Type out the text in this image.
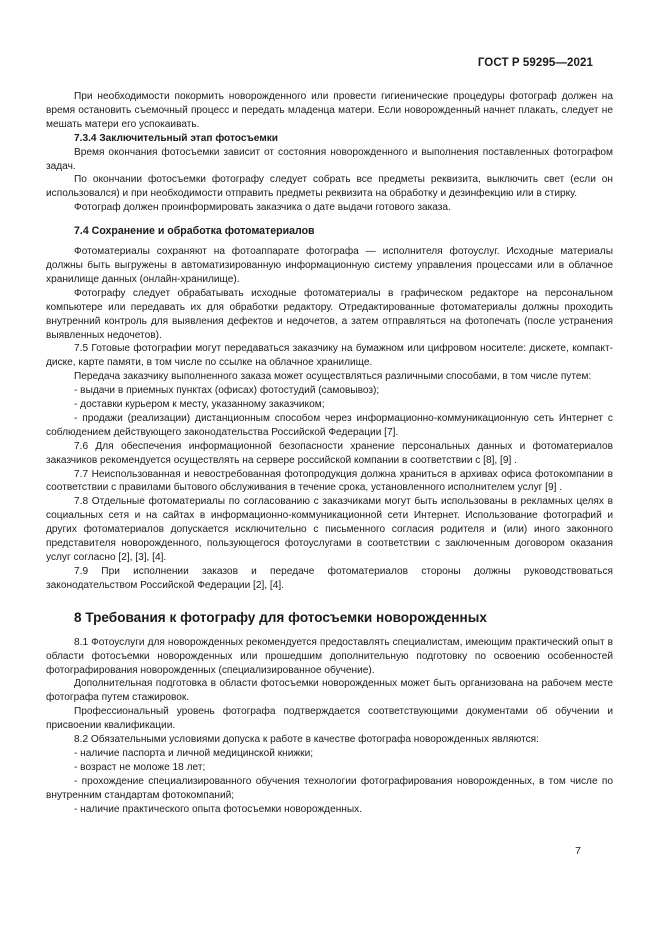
ГОСТ Р 59295—2021

При необходимости покормить новорожденного или провести гигиенические процедуры фотограф должен на время остановить съемочный процесс и передать младенца матери. Если новорожденный начнет плакать, следует не мешать матери его успокаивать.

7.3.4 Заключительный этап фотосъемки

Время окончания фотосъемки зависит от состояния новорожденного и выполнения поставленных фотографом задач.

По окончании фотосъемки фотографу следует собрать все предметы реквизита, выключить свет (если он использовался) и при необходимости отправить предметы реквизита на обработку и дезинфекцию или в стирку.

Фотограф должен проинформировать заказчика о дате выдачи готового заказа.

7.4 Сохранение и обработка фотоматериалов

Фотоматериалы сохраняют на фотоаппарате фотографа — исполнителя фотоуслуг. Исходные материалы должны быть выгружены в автоматизированную информационную систему управления процессами или в облачное хранилище данных (онлайн-хранилище).

Фотографу следует обрабатывать исходные фотоматериалы в графическом редакторе на персональном компьютере или передавать их для обработки редактору. Отредактированные фотоматериалы должны проходить внутренний контроль для выявления дефектов и недочетов, а затем отправляться на фотопечать (после устранения выявленных недочетов).

7.5 Готовые фотографии могут передаваться заказчику на бумажном или цифровом носителе: дискете, компакт-диске, карте памяти, в том числе по ссылке на облачное хранилище.

Передача заказчику выполненного заказа может осуществляться различными способами, в том числе путем:

- выдачи в приемных пунктах (офисах) фотостудий (самовывоз);

- доставки курьером к месту, указанному заказчиком;

- продажи (реализации) дистанционным способом через информационно-коммуникационную сеть Интернет с соблюдением действующего законодательства Российской Федерации [7].

7.6 Для обеспечения информационной безопасности хранение персональных данных и фотоматериалов заказчиков рекомендуется осуществлять на сервере российской компании в соответствии с [8], [9] .

7.7 Неиспользованная и невостребованная фотопродукция должна храниться в архивах офиса фотокомпании в соответствии с правилами бытового обслуживания в течение срока, установленного исполнителем услуг [9] .

7.8 Отдельные фотоматериалы по согласованию с заказчиками могут быть использованы в рекламных целях в социальных сетя и на сайтах в информационно-коммуникационной сети Интернет. Использование фотографий и других фотоматериалов допускается исключительно с письменного согласия родителя и (или) иного законного представителя новорожденного, пользующегося фотоуслугами в соответствии с заключенным договором оказания услуг согласно [2], [3], [4].

7.9 При исполнении заказов и передаче фотоматериалов стороны должны руководствоваться законодательством Российской Федерации [2], [4].

8 Требования к фотографу для фотосъемки новорожденных

8.1 Фотоуслуги для новорожденных рекомендуется предоставлять специалистам, имеющим практический опыт в области фотосъемки новорожденных или прошедшим дополнительную подготовку по освоению особенностей фотографирования новорожденных (специализированное обучение).

Дополнительная подготовка в области фотосъемки новорожденных может быть организована на рабочем месте фотографа путем стажировок.

Профессиональный уровень фотографа подтверждается соответствующими документами об обучении и присвоении квалификации.

8.2 Обязательными условиями допуска к работе в качестве фотографа новорожденных являются:

- наличие паспорта и личной медицинской книжки;

- возраст не моложе 18 лет;

- прохождение специализированного обучения технологии фотографирования новорожденных, в том числе по внутренним стандартам фотокомпаний;

- наличие практического опыта фотосъемки новорожденных.

7
